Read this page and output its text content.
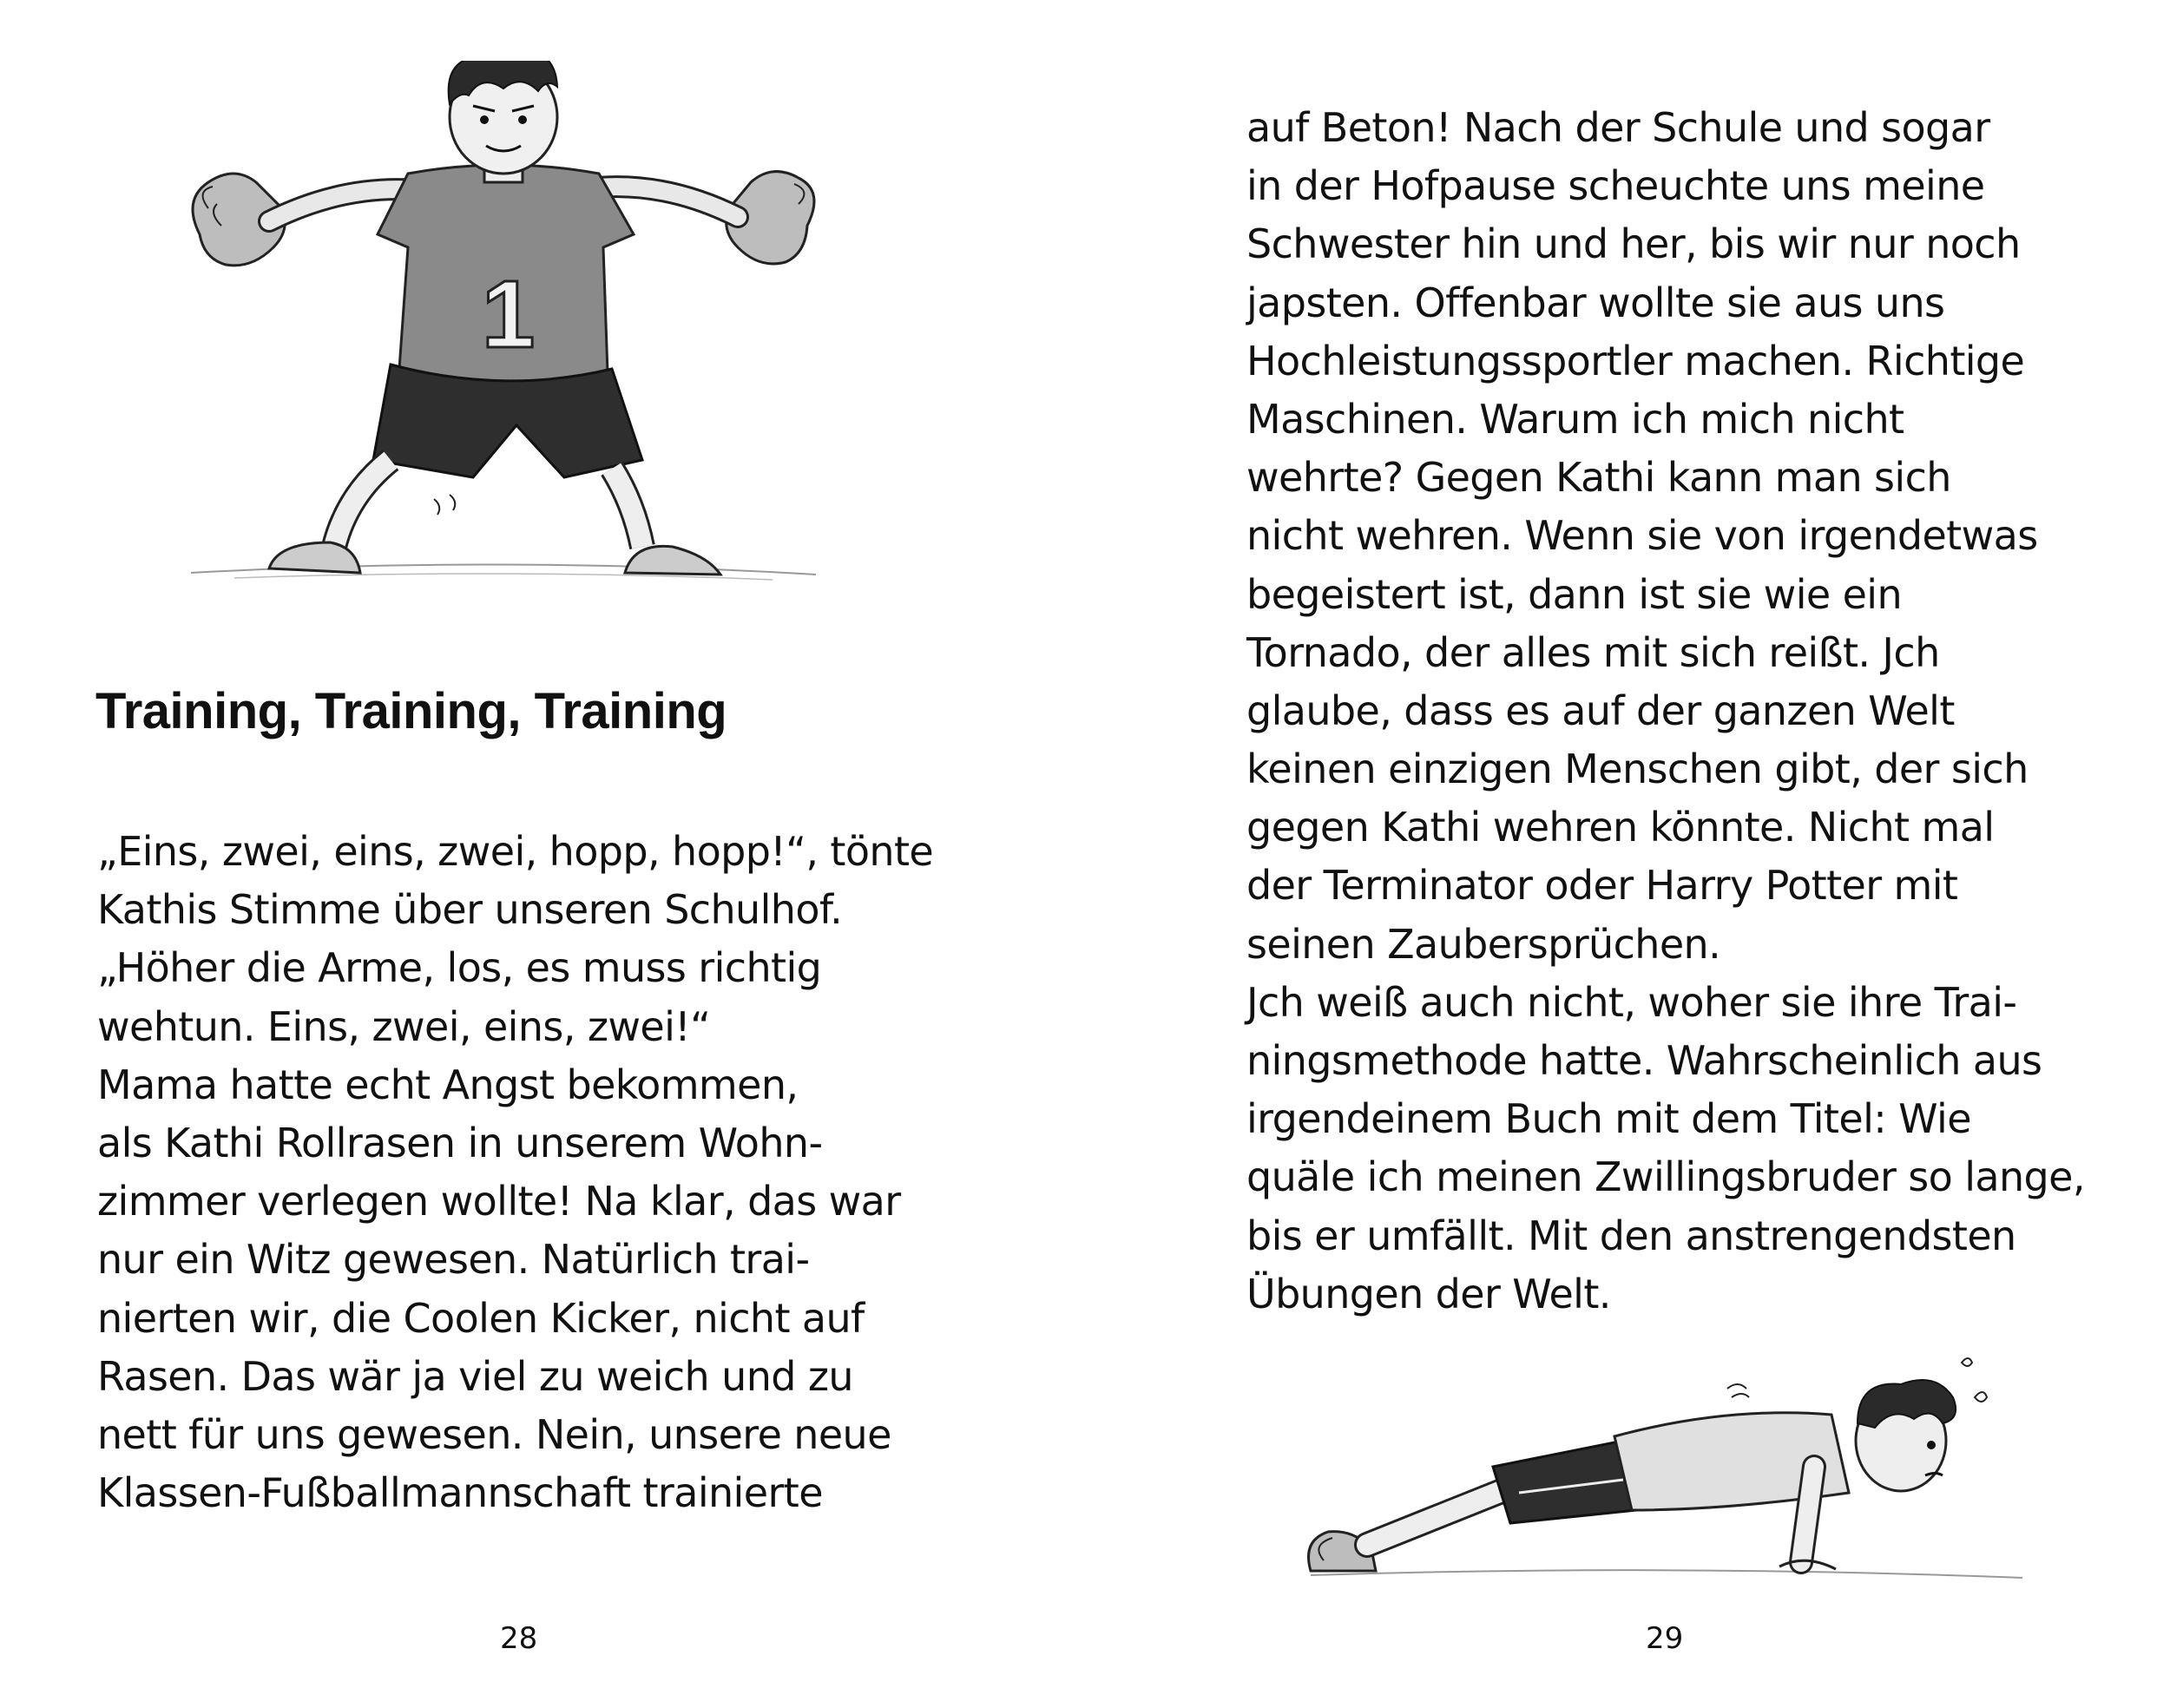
1
Training, Training, Training
„Eins, zwei, eins, zwei, hopp, hopp!“, tönte
Kathis Stimme über unseren Schulhof.
„Höher die Arme, los, es muss richtig
wehtun. Eins, zwei, eins, zwei!“
Mama hatte echt Angst bekommen,
als Kathi Rollrasen in unserem Wohn-
zimmer verlegen wollte! Na klar, das war
nur ein Witz gewesen. Natürlich trai-
nierten wir, die Coolen Kicker, nicht auf
Rasen. Das wär ja viel zu weich und zu
nett für uns gewesen. Nein, unsere neue
Klassen-Fußballmannschaft trainierte
28
auf Beton! Nach der Schule und sogar
in der Hofpause scheuchte uns meine
Schwester hin und her, bis wir nur noch
japsten. Offenbar wollte sie aus uns
Hochleistungssportler machen. Richtige
Maschinen. Warum ich mich nicht
wehrte? Gegen Kathi kann man sich
nicht wehren. Wenn sie von irgendetwas
begeistert ist, dann ist sie wie ein
Tornado, der alles mit sich reißt. Jch
glaube, dass es auf der ganzen Welt
keinen einzigen Menschen gibt, der sich
gegen Kathi wehren könnte. Nicht mal
der Terminator oder Harry Potter mit
seinen Zaubersprüchen.
Jch weiß auch nicht, woher sie ihre Trai-
ningsmethode hatte. Wahrscheinlich aus
irgendeinem Buch mit dem Titel: Wie
quäle ich meinen Zwillingsbruder so lange,
bis er umfällt. Mit den anstrengendsten
Übungen der Welt.
29
